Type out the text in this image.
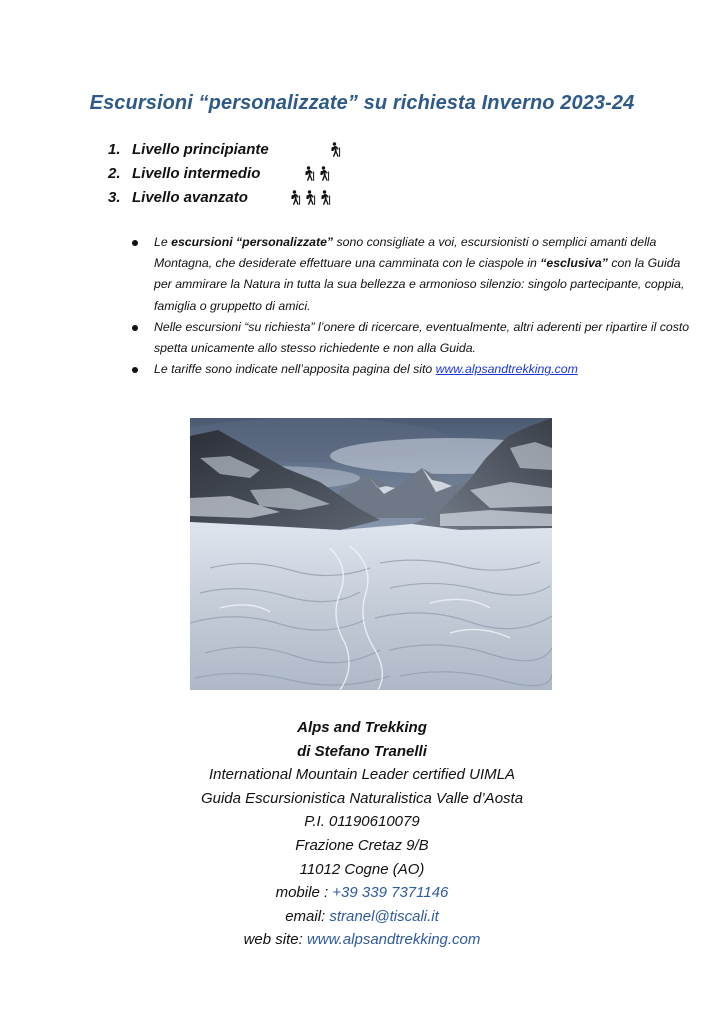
Escursioni “personalizzate” su richiesta Inverno 2023-24
1. Livello principiante
2. Livello intermedio
3. Livello avanzato
Le escursioni “personalizzate” sono consigliate a voi, escursionisti o semplici amanti della Montagna, che desiderate effettuare una camminata con le ciaspole in “esclusiva” con la Guida per ammirare la Natura in tutta la sua bellezza e armonioso silenzio: singolo partecipante, coppia, famiglia o gruppetto di amici.
Nelle escursioni “su richiesta” l’onere di ricercare, eventualmente, altri aderenti per ripartire il costo spetta unicamente allo stesso richiedente e non alla Guida.
Le tariffe sono indicate nell’apposita pagina del sito www.alpsandtrekking.com
Alps and Trekking
di Stefano Tranelli
International Mountain Leader certified UIMLA
Guida Escursionistica Naturalistica Valle d’Aosta
P.I. 01190610079
Frazione Cretaz 9/B
11012 Cogne (AO)
mobile : +39 339 7371146
email: stranel@tiscali.it
web site: www.alpsandtrekking.com
